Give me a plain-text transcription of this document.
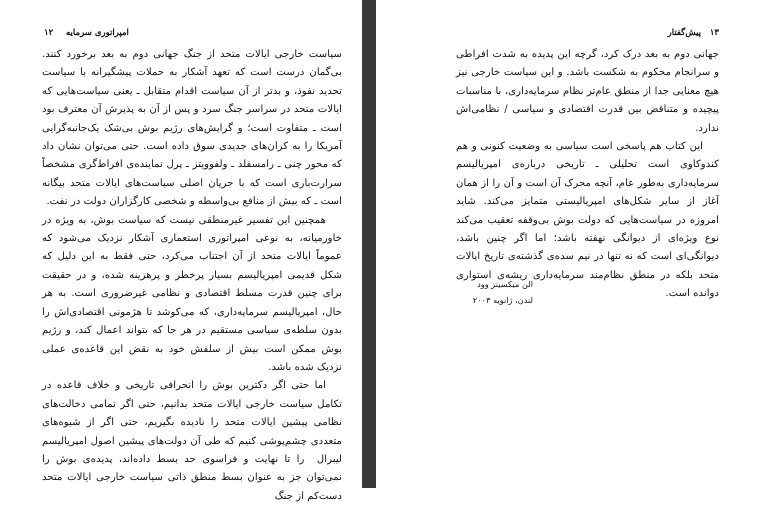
۱۲ امپراتوری سرمایه

سیاست خارجی ایالات متحد از جنگ جهانی دوم به بعد برخورد کنند. بی‌گمان درست است که تعهد آشکار به حملات پیشگیرانه با سیاست تحدید نفوذ، و بدتر از آن سیاست اقدام متقابل ـ یعنی سیاست‌هایی که ایالات متحد در سراسر جنگ سرد و پس از آن به پذیرش آن معترف بود است ـ متفاوت است؛ و گرایش‌های رژیم بوش بی‌شک یک‌جانبه‌گرایی آمریکا را به کران‌های جدیدی سوق داده است. حتی می‌توان نشان داد که محور چنی ـ رامسفلد ـ ولفوویتز ـ پرل نماینده‌ی افراط‌گری مشخصاً سرارت‌باری است که با جریان اصلی سیاست‌های ایالات متحد بیگانه است ـ که بیش از منافع بی‌واسطه و شخصی کارگزاران دولت در نفت.

همچنین این تفسیر غیرمنطقی نیست که سیاست بوش، به ویژه در خاورمیانه، به نوعی امپراتوری استعماری آشکار نزدیک می‌شود که عموماً ایالات متحد از آن اجتناب می‌کرد، حتی فقط به این دلیل که شکل قدیمی امپریالیسم بسیار پرخطر و پرهزینه شده، و در حقیقت برای چنین قدرت مسلط اقتصادی و نظامی غیرضروری است. به هر حال، امپریالیسم سرمایه‌داری، که می‌کوشد تا هژمونی اقتصادی‌اش را بدون سلطه‌ی سیاسی مستقیم در هر جا که بتواند اعمال کند، و رژیم بوش ممکن است بیش از سلفش خود به نقض این قاعده‌ی عملی نزدیک شده باشد.

اما حتی اگر دکترین بوش را انحرافی تاریخی و خلاف قاعده در تکامل سیاست خارجی ایالات متحد بدانیم، حتی اگر تمامی دخالت‌های نظامی پیشین ایالات متحد را نادیده بگیریم، حتی اگر از شیوه‌های متعددی چشم‌پوشی کنیم که طی آن دولت‌های پیشین اصول امپریالیسم لیبرال ‌ را تا نهایت و فراسوی حد بسط داده‌اند، پدیده‌ی بوش را نمی‌توان جز به عنوان بسط منطق ذاتی سیاست خارجی ایالات متحد دست‌کم از جنگ

۱۳
پیش‌گفتار

جهانی دوم به بعد درک کرد، گرچه این پدیده به شدت افراطی و سرانجام محکوم به شکست باشد. و این سیاست خارجی نیز هیچ معنایی جدا از منطق عام‌تر نظام سرمایه‌داری، با مناسبات پیچیده و متناقض بین قدرت اقتصادی و سیاسی / نظامی‌اش ندارد.

این کتاب هم پاسخی است سیاسی به وضعیت کنونی و هم کندوکاوی است تحلیلی ـ تاریخی درباره‌ی امپریالیسم سرمایه‌داری به‌طور عام، آنچه محرک آن است و آن را از همان آغاز از سایر شکل‌های امپریالیستی متمایز می‌کند. شاید امروزه در سیاست‌هایی که دولت بوش بی‌وقفه تعقیب می‌کند نوع ویژه‌ای از دیوانگی نهفته باشد؛ اما اگر چنین باشد، دیوانگی‌ای است که نه تنها در نیم سده‌ی گذشته‌ی تاریخ ایالات متحد بلکه در منطق نظام‌مند سرمایه‌داری ریشه‌ی استواری دوانده است.

الن میکسینز وود
لندن، ژانویه ۲۰۰۳
